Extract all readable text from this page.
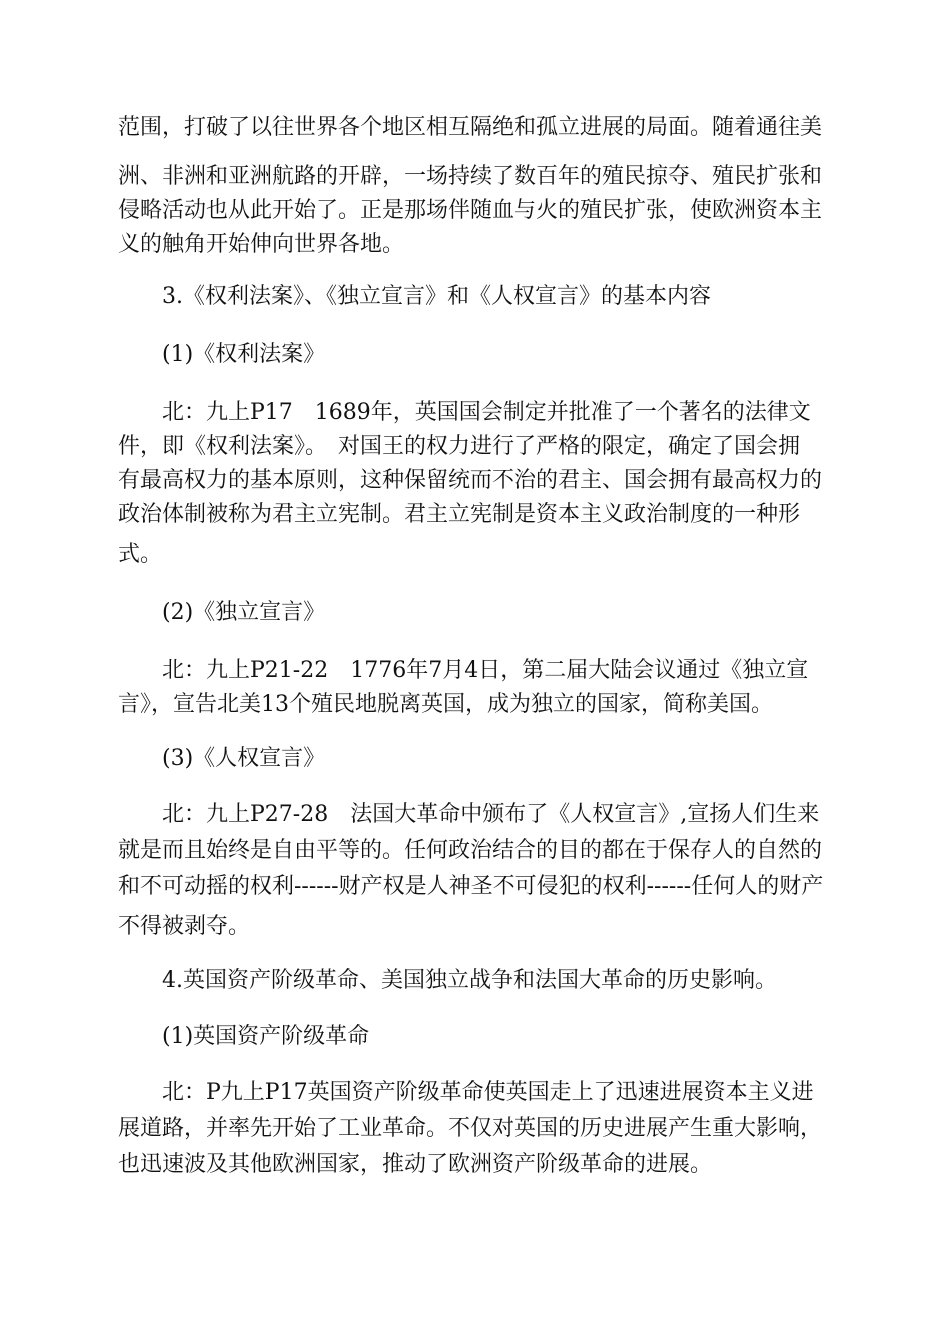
范围，打破了以往世界各个地区相互隔绝和孤立进展的局面。随着通往美

洲、非洲和亚洲航路的开辟，一场持续了数百年的殖民掠夺、殖民扩张和

侵略活动也从此开始了。正是那场伴随血与火的殖民扩张，使欧洲资本主

义的触角开始伸向世界各地。

3.《权利法案》、《独立宣言》和《人权宣言》的基本内容

(1)《权利法案》

北：九上P17　1689年，英国国会制定并批准了一个著名的法律文

件，即《权利法案》。　对国王的权力进行了严格的限定，确定了国会拥

有最高权力的基本原则，这种保留统而不治的君主、国会拥有最高权力的

政治体制被称为君主立宪制。君主立宪制是资本主义政治制度的一种形

式。

(2)《独立宣言》

北：九上P21-22　1776年7月4日，第二届大陆会议通过《独立宣

言》，宣告北美13个殖民地脱离英国，成为独立的国家，简称美国。

(3)《人权宣言》

北：九上P27-28　法国大革命中颁布了《人权宣言》,宣扬人们生来

就是而且始终是自由平等的。任何政治结合的目的都在于保存人的自然的

和不可动摇的权利------财产权是人神圣不可侵犯的权利------任何人的财产

不得被剥夺。

4.英国资产阶级革命、美国独立战争和法国大革命的历史影响。

(1)英国资产阶级革命

北：P九上P17英国资产阶级革命使英国走上了迅速进展资本主义进

展道路，并率先开始了工业革命。不仅对英国的历史进展产生重大影响，

也迅速波及其他欧洲国家，推动了欧洲资产阶级革命的进展。
